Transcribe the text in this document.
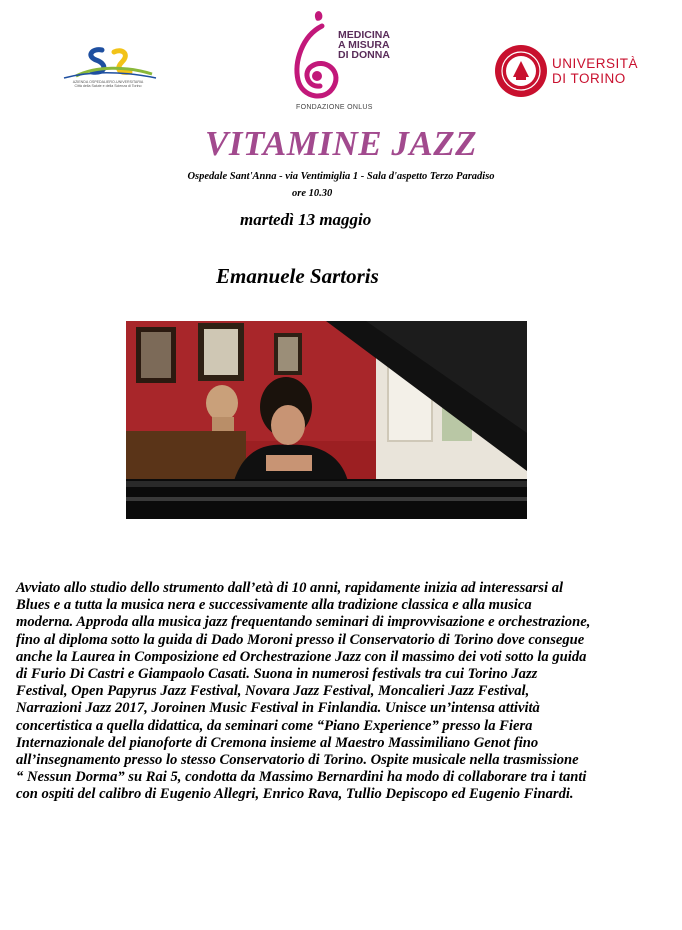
AZIENDA OSPEDALIERO-UNIVERSITARIA
Città della Salute e della Scienza di Torino
MEDICINA
A MISURA
DI DONNA
FONDAZIONE ONLUS
UNIVERSITÀ
DI TORINO
VITAMINE JAZZ
Ospedale Sant'Anna - via Ventimiglia 1 - Sala d'aspetto Terzo Paradiso
ore 10.30
martedì 13 maggio
Emanuele Sartoris
Avviato allo studio dello strumento dall’età di 10 anni, rapidamente inizia ad interessarsi al
Blues e a tutta la musica nera e successivamente alla tradizione classica e alla musica
moderna. Approda alla musica jazz frequentando seminari di improvvisazione e orchestrazione,
fino al diploma sotto la guida di Dado Moroni presso il Conservatorio di Torino dove consegue
anche la Laurea in Composizione ed Orchestrazione Jazz con il massimo dei voti sotto la guida
di Furio Di Castri e Giampaolo Casati. Suona in numerosi festivals tra cui Torino Jazz
Festival, Open Papyrus Jazz Festival, Novara Jazz Festival, Moncalieri Jazz Festival,
Narrazioni Jazz 2017, Joroinen Music Festival in Finlandia. Unisce un’intensa attività
concertistica a quella didattica, da seminari come “Piano Experience” presso la Fiera
Internazionale del pianoforte di Cremona insieme al Maestro Massimiliano Genot fino
all’insegnamento presso lo stesso Conservatorio di Torino. Ospite musicale nella trasmissione
“ Nessun Dorma” su Rai 5, condotta da Massimo Bernardini ha modo di collaborare tra i tanti
con ospiti del calibro di Eugenio Allegri, Enrico Rava, Tullio Depiscopo ed Eugenio Finardi.
